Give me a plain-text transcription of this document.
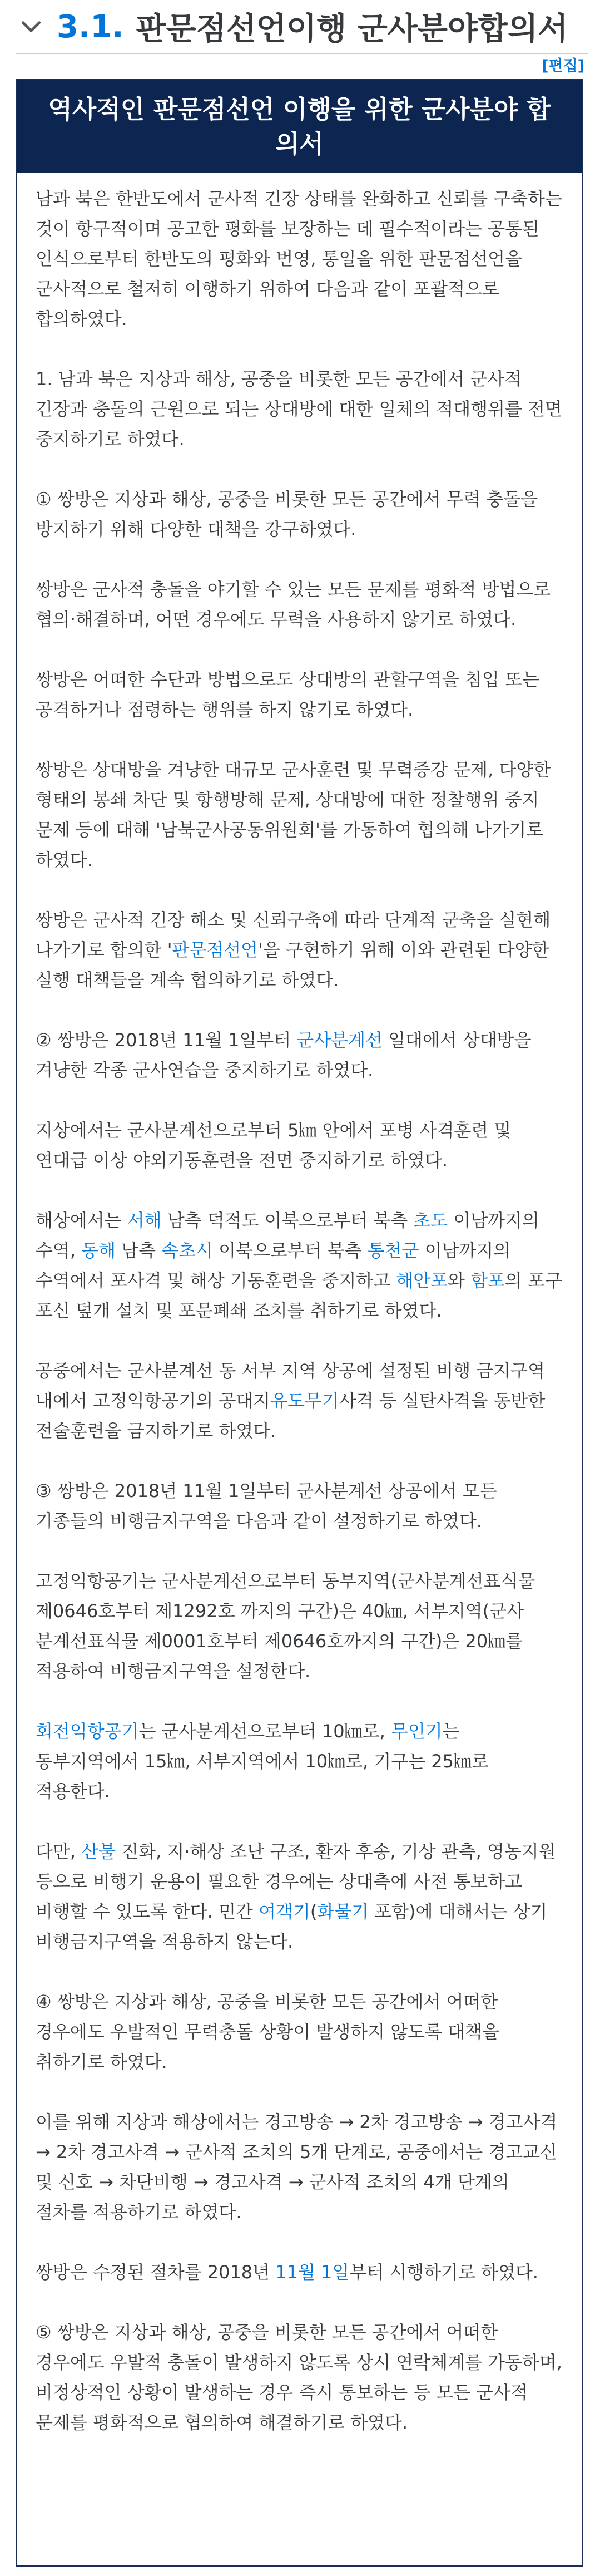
3.1. 판문점선언이행 군사분야합의서
[편집]
역사적인 판문점선언 이행을 위한 군사분야 합의서

남과 북은 한반도에서 군사적 긴장 상태를 완화하고 신뢰를 구축하는 것이 항구적이며 공고한 평화를 보장하는 데 필수적이라는 공통된 인식으로부터 한반도의 평화와 번영, 통일을 위한 판문점선언을 군사적으로 철저히 이행하기 위하여 다음과 같이 포괄적으로 합의하였다.

1. 남과 북은 지상과 해상, 공중을 비롯한 모든 공간에서 군사적 긴장과 충돌의 근원으로 되는 상대방에 대한 일체의 적대행위를 전면 중지하기로 하였다.

① 쌍방은 지상과 해상, 공중을 비롯한 모든 공간에서 무력 충돌을 방지하기 위해 다양한 대책을 강구하였다.

쌍방은 군사적 충돌을 야기할 수 있는 모든 문제를 평화적 방법으로 협의·해결하며, 어떤 경우에도 무력을 사용하지 않기로 하였다.

쌍방은 어떠한 수단과 방법으로도 상대방의 관할구역을 침입 또는 공격하거나 점령하는 행위를 하지 않기로 하였다.

쌍방은 상대방을 겨냥한 대규모 군사훈련 및 무력증강 문제, 다양한 형태의 봉쇄 차단 및 항행방해 문제, 상대방에 대한 정찰행위 중지 문제 등에 대해 '남북군사공동위원회'를 가동하여 협의해 나가기로 하였다.

쌍방은 군사적 긴장 해소 및 신뢰구축에 따라 단계적 군축을 실현해 나가기로 합의한 '판문점선언'을 구현하기 위해 이와 관련된 다양한 실행 대책들을 계속 협의하기로 하였다.

② 쌍방은 2018년 11월 1일부터 군사분계선 일대에서 상대방을 겨냥한 각종 군사연습을 중지하기로 하였다.

지상에서는 군사분계선으로부터 5㎞ 안에서 포병 사격훈련 및 연대급 이상 야외기동훈련을 전면 중지하기로 하였다.

해상에서는 서해 남측 덕적도 이북으로부터 북측 초도 이남까지의 수역, 동해 남측 속초시 이북으로부터 북측 통천군 이남까지의 수역에서 포사격 및 해상 기동훈련을 중지하고 해안포와 함포의 포구 포신 덮개 설치 및 포문폐쇄 조치를 취하기로 하였다.

공중에서는 군사분계선 동 서부 지역 상공에 설정된 비행 금지구역 내에서 고정익항공기의 공대지유도무기사격 등 실탄사격을 동반한 전술훈련을 금지하기로 하였다.

③ 쌍방은 2018년 11월 1일부터 군사분계선 상공에서 모든 기종들의 비행금지구역을 다음과 같이 설정하기로 하였다.

고정익항공기는 군사분계선으로부터 동부지역(군사분계선표식물 제0646호부터 제1292호 까지의 구간)은 40㎞, 서부지역(군사 분계선표식물 제0001호부터 제0646호까지의 구간)은 20㎞를 적용하여 비행금지구역을 설정한다.

회전익항공기는 군사분계선으로부터 10㎞로, 무인기는 동부지역에서 15㎞, 서부지역에서 10㎞로, 기구는 25㎞로 적용한다.

다만, 산불 진화, 지·해상 조난 구조, 환자 후송, 기상 관측, 영농지원 등으로 비행기 운용이 필요한 경우에는 상대측에 사전 통보하고 비행할 수 있도록 한다. 민간 여객기(화물기 포함)에 대해서는 상기 비행금지구역을 적용하지 않는다.

④ 쌍방은 지상과 해상, 공중을 비롯한 모든 공간에서 어떠한 경우에도 우발적인 무력충돌 상황이 발생하지 않도록 대책을 취하기로 하였다.

이를 위해 지상과 해상에서는 경고방송 → 2차 경고방송 → 경고사격 → 2차 경고사격 → 군사적 조치의 5개 단계로, 공중에서는 경고교신 및 신호 → 차단비행 → 경고사격 → 군사적 조치의 4개 단계의 절차를 적용하기로 하였다.

쌍방은 수정된 절차를 2018년 11월 1일부터 시행하기로 하였다.

⑤ 쌍방은 지상과 해상, 공중을 비롯한 모든 공간에서 어떠한 경우에도 우발적 충돌이 발생하지 않도록 상시 연락체계를 가동하며, 비정상적인 상황이 발생하는 경우 즉시 통보하는 등 모든 군사적 문제를 평화적으로 협의하여 해결하기로 하였다.
